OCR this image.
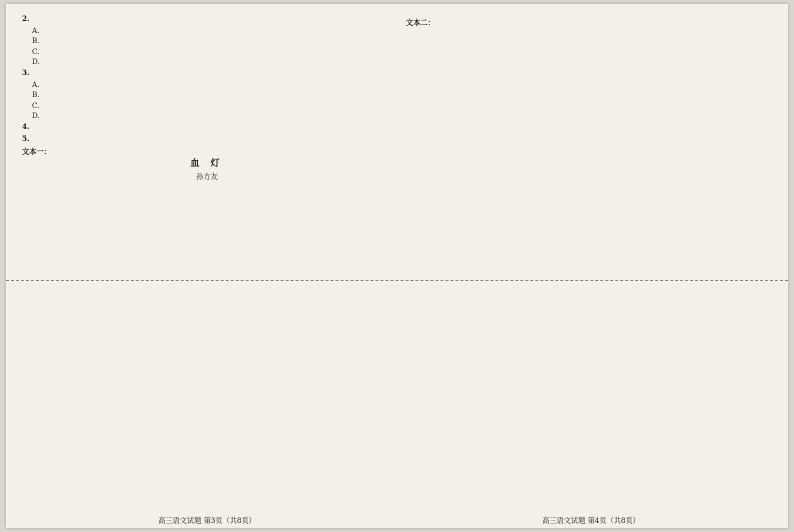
2.
A.
B.
C.
D.
3.
A.
B.
C.
D.
4.
5.
文本一：
血 灯
孙方友
高三语文试题 第3页（共8页）
文本二：
高三语文试题 第4页（共8页）
